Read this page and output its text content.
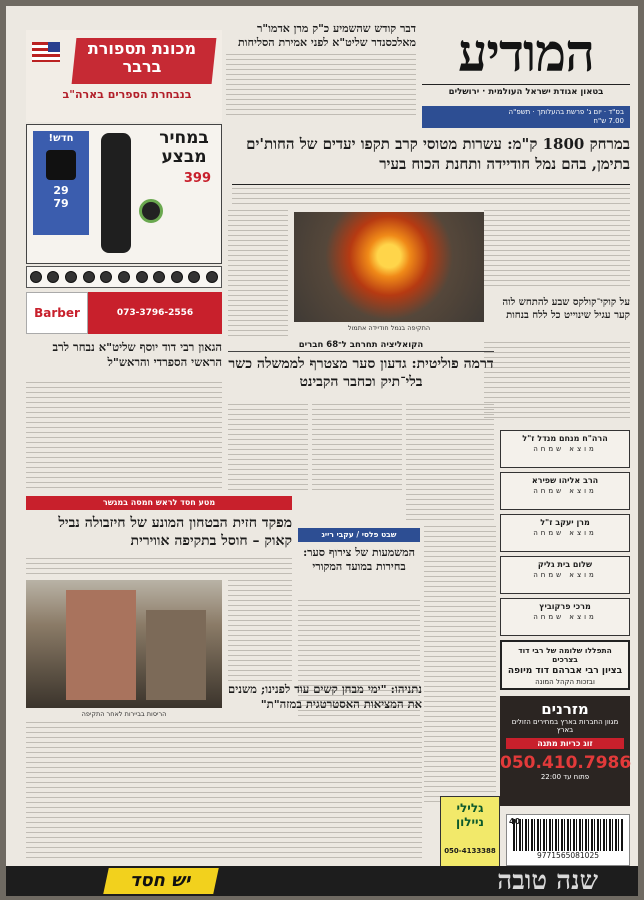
המודיע
בטאון אגודת ישראל העולמית · ירושלים
בס"ד · יום ג' פרשת בהעלותך · תשפ"ה
7.00 ש"ח
דבר קודש שהשמיע כ"ק מרן אדמו"ר מאלכסנדר שליט"א לפני אמירת הסליחות
מכונת תספורת ברבר
בנבחרת הספרים בארה"ב
במחיר מבצע
399
חדש!
29
79
073-3796-2556
Barber
במרחק 1800 ק"מ: עשרות מטוסי קרב תקפו יעדים של החות'ים בתימן, בהם נמל חודיידה ותחנת הכוח בעיר
התקיפה בנמל חודיידה אתמול
על קוקי־קולקס שבע להתחש לוה קער עגיל שינוייט כל ללח בנחות
הקואליציה תחרחב ל־68 חברים
דרמה פוליטית: גדעון סער מצטרף לממשלה כשר בלי־תיק וכחבר הקבינט
הגאון רבי דוד יוסף שליט"א נבחר לרב הראשי הספרדי והראש"ל
הרה"ח מנחם מנדל ז"ל
מוצא שמחה
הרב אליהו שפירא
מוצא שמחה
מרן יעקב ז"ל
מוצא שמחה
שלום בית גליק
מוצא שמחה
מרכי פרקוביץ
מוצא שמחה
התפללו שלומה של רבי דוד בצרכים
בציון רבי אברהם דוד מיופה
ובזכות הקהל המונה
מטע חסד לראש חמסה במגשר
מפקד חזית הבטחון המונע של חיזבולה נביל קאוק – חוסל בתקיפה אווירית	שבט פלסי / עקבי רייג
המשמעות של צירוף סער: בחירות במועד המקורי
הריסות בביירות לאחר התקיפה
נתניהו: "ימי מבחן קשים עוד לפנינו; משנים את המציאות האסטרטגית במזה"ת"	מזרנים
מגוון החברות בארץ במחירים הזולים בארץ
זוג כריות מתנה
050.410.7986
פתוח עד 22:00
גלילי ניילון
050-4133388	9771565081025
40
יש חסד	שנה טובה
